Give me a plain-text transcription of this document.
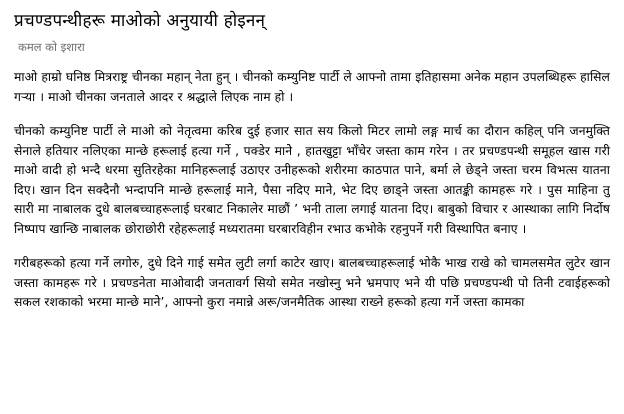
प्रचण्डपन्थीहरू माओको अनुयायी होइनन्
कमल को इशारा

माओ हाम्रो घनिष्ठ मित्रराष्ट्र चीनका महान् नेता हुन् । चीनको कम्युनिष्ट पार्टी ले आफ्नो तामा इतिहासमा अनेक महान उपलब्धिहरू हासिल गर्‍या । माओ चीनका जनताले आदर र श्रद्धाले लिएक नाम हो ।

चीनको कम्युनिष्ट पार्टी ले माओ को नेतृत्वमा करिब दुई हजार सात सय किलो मिटर लामो लङ्ग मार्च का दौरान कहिल् पनि जनमुक्ति सेनाले हतियार नलिएका मान्छे हरूलाई हत्या गर्ने , पक्डेर मानेे , हातखुट्टा भाँचेर जस्ता काम गरेन । तर प्रचण्डपन्थी समूहल खास गरी माओ वादी हो भन्दै धरमा सुतिरहेका मानिहरूलाई उठाएर उनीहरूको शरीरमा काठपात पाने, बर्मा ले छेड्ने जस्ता चरम विभत्स यातना दिए। खान दिन सक्दैनौ भन्दापनि मान्छे हरूलाई मानेे, पैसा नदिए मानेे, भेट दिए छाड्ने जस्ता आतङ्की कामहरू गरे । पुस माहिना तु सारी मा नाबालक दुधे बालबच्चाहरूलाई घरबाट निकालेर माछौं ’ भनी ताला लगाई यातना दिए। बाबुको विचार र आस्थाका लागि निर्दोष निष्पाप खान्छि नाबालक छोराछोरी रहेहरूलाई मध्यरातमा घरबारविहीन रभाउ कभोके रहनुपर्ने गरी विस्थापित बनाए ।

गरीबहरूको हत्या गर्ने लगोरु, दुधे दिने गाई समेत लुटी लर्गा काटेर खाए। बालबच्चाहरूलाई भोकै भाख राखे को चामलसमेत लुटेर खान जस्ता कामहरू गरे । प्रचण्डनेता माओवादी जनतावर्ग सियो समेत नखोस्नु भने भ्रमपाए भने यी पछि प्रचण्डपन्थी पो तिनी टवाईहरूको सकल रशकाको भरमा मान्छे मानेे’, आफ्नो कुरा नमान्ने अरू/जनमैतिक आस्था राख्ने हरूको हत्या गर्ने जस्ता कामका
